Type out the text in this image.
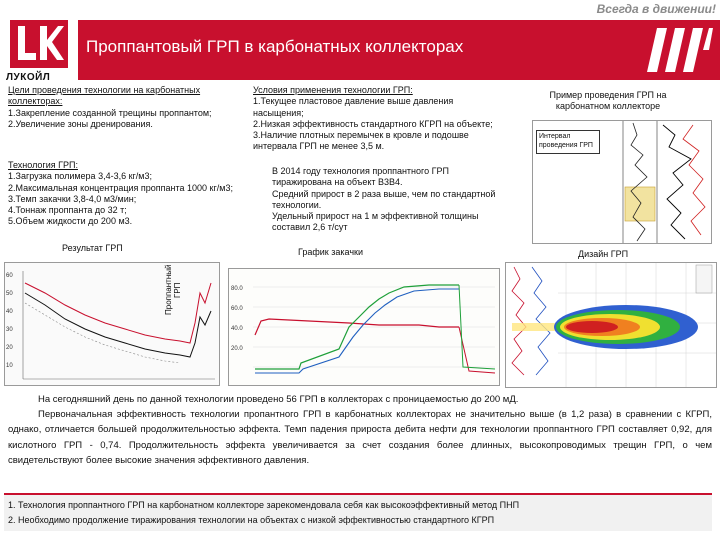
Всегда в движении!
Проппантовый ГРП в карбонатных коллекторах
ЛУКОЙЛ
Цели проведения технологии на карбонатных коллекторах:
1.Закрепление созданной трещины проппантом;
2.Увеличение зоны дренирования.
Условия применения технологии ГРП:
1.Текущее пластовое давление выше давления
насыщения;
2.Низкая эффективность стандартного КГРП на объекте;
3.Наличие плотных перемычек в кровле и подошве
интервала ГРП не менее 3,5 м.
Технология ГРП:
1.Загрузка полимера 3,4-3,6 кг/м3;
2.Максимальная концентрация проппанта 1000 кг/м3;
3.Темп закачки 3,8-4,0 м3/мин;
4.Тоннаж проппанта до 32 т;
5.Объем жидкости до 200 м3.
В 2014 году технология проппантного ГРП
тиражирована на объект В3В4.
Средний прирост в 2 раза выше, чем по стандартной
технологии.
Удельный прирост на 1 м эффективной толщины
составил 2,6 т/сут
Пример проведения ГРП на
карбонатном коллекторе
Интервал
проведения ГРП
Результат ГРП	График закачки	Дизайн ГРП
60
50
40
30
20
10
Проппантный ГРП	80.0
60.0
40.0
20.0

На сегодняшний день по данной технологии проведено 56 ГРП в коллекторах с проницаемостью до 200 мД.

Первоначальная эффективность технологии пропантного ГРП в карбонатных коллекторах не значительно выше (в 1,2 раза) в сравнении с КГРП, однако, отличается большей продолжительностью эффекта. Темп падения прироста дебита нефти для технологии проппантного ГРП составляет 0,92, для кислотного ГРП - 0,74. Продолжительность эффекта увеличивается за счет создания более длинных, высокопроводимых трещин ГРП, о чем свидетельствуют более высокие значения эффективного давления.

1. Технология проппантного ГРП на карбонатном коллекторе зарекомендовала себя как высокоэффективный метод ПНП
2. Необходимо продолжение тиражирования технологии на объектах с низкой эффективностью стандартного КГРП
